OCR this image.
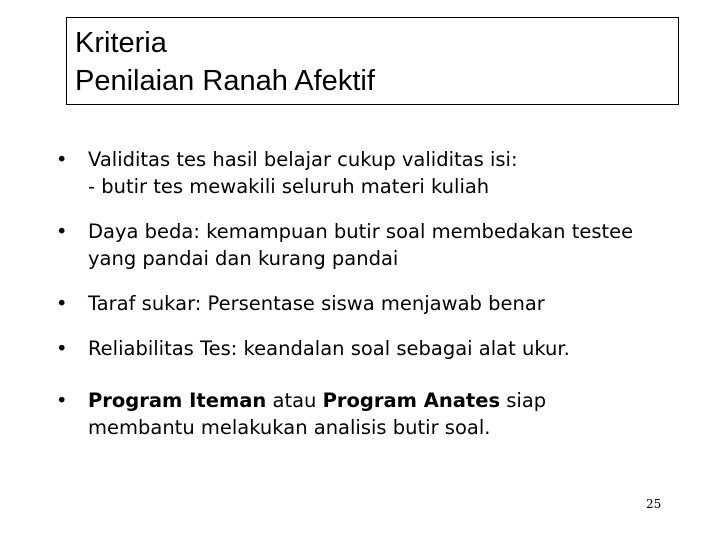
Kriteria
Penilaian Ranah Afektif
•	Validitas tes hasil belajar cukup validitas isi:
- butir tes mewakili seluruh materi kuliah
•	Daya beda: kemampuan butir soal membedakan testee
yang pandai dan kurang pandai
•	Taraf sukar: Persentase siswa menjawab benar
•	Reliabilitas Tes: keandalan soal sebagai alat ukur.
•	Program Iteman atau Program Anates siap
membantu melakukan analisis butir soal.
25
